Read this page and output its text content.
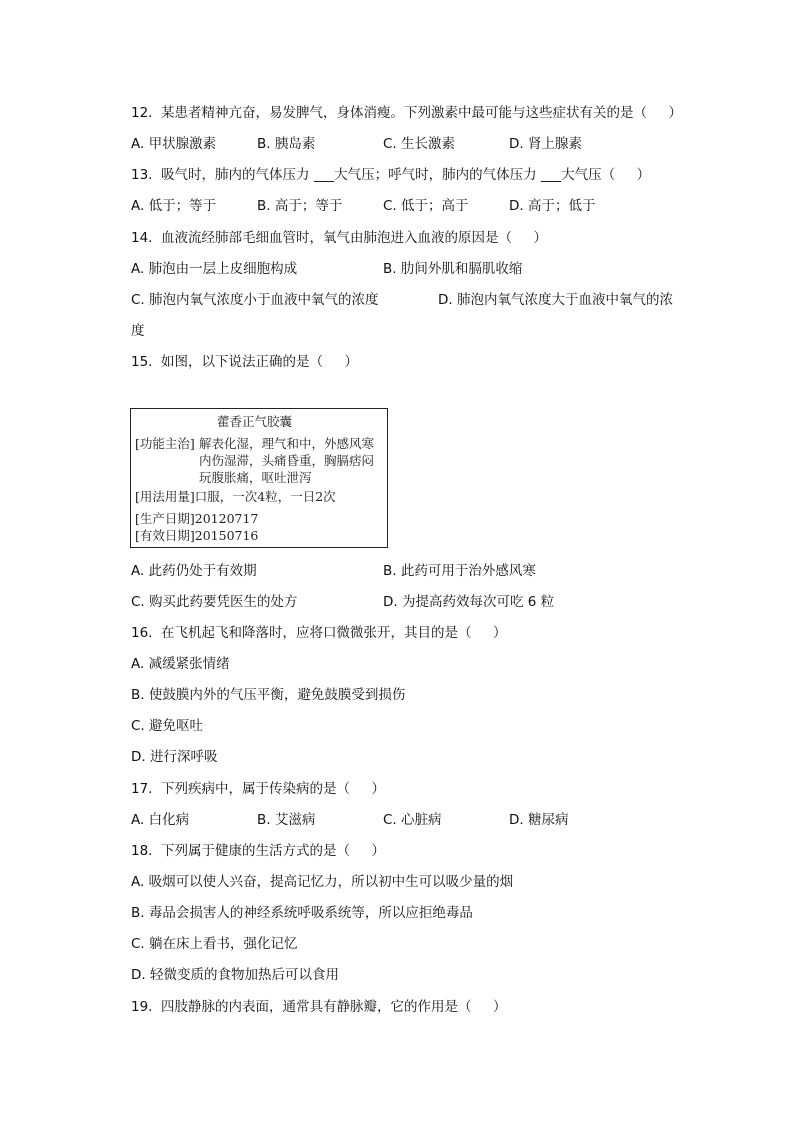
12.  某患者精神亢奋，易发脾气，身体消瘦。下列激素中最可能与这些症状有关的是（     ）
A. 甲状腺激素	B. 胰岛素	C. 生长激素	D. 肾上腺素
13.  吸气时，肺内的气体压力 ___大气压；呼气时，肺内的气体压力 ___大气压（     ）
A. 低于；等于	B. 高于；等于	C. 低于；高于	D. 高于；低于
14.  血液流经肺部毛细血管时，氧气由肺泡进入血液的原因是（     ）
A. 肺泡由一层上皮细胞构成	B. 肋间外肌和膈肌收缩
C. 肺泡内氧气浓度小于血液中氧气的浓度	D. 肺泡内氧气浓度大于血液中氧气的浓
度
15.  如图，以下说法正确的是（     ）
藿香正气胶囊
[功能主治] 解表化湿，理气和中，外感风寒
内伤湿滞，头痛昏重，胸膈痞闷
玩腹胀痛，呕吐泄泻
[用法用量]口服，一次4粒，一日2次
[生产日期]20120717
[有效日期]20150716
A. 此药仍处于有效期	B. 此药可用于治外感风寒
C. 购买此药要凭医生的处方	D. 为提高药效每次可吃 6 粒
16.  在飞机起飞和降落时，应将口微微张开，其目的是（     ）
A. 减缓紧张情绪
B. 使鼓膜内外的气压平衡，避免鼓膜受到损伤
C. 避免呕吐
D. 进行深呼吸
17.  下列疾病中，属于传染病的是（     ）
A. 白化病	B. 艾滋病	C. 心脏病	D. 糖尿病
18.  下列属于健康的生活方式的是（     ）
A. 吸烟可以使人兴奋，提高记忆力，所以初中生可以吸少量的烟
B. 毒品会损害人的神经系统呼吸系统等，所以应拒绝毒品
C. 躺在床上看书，强化记忆
D. 轻微变质的食物加热后可以食用
19.  四肢静脉的内表面，通常具有静脉瓣，它的作用是（     ）
